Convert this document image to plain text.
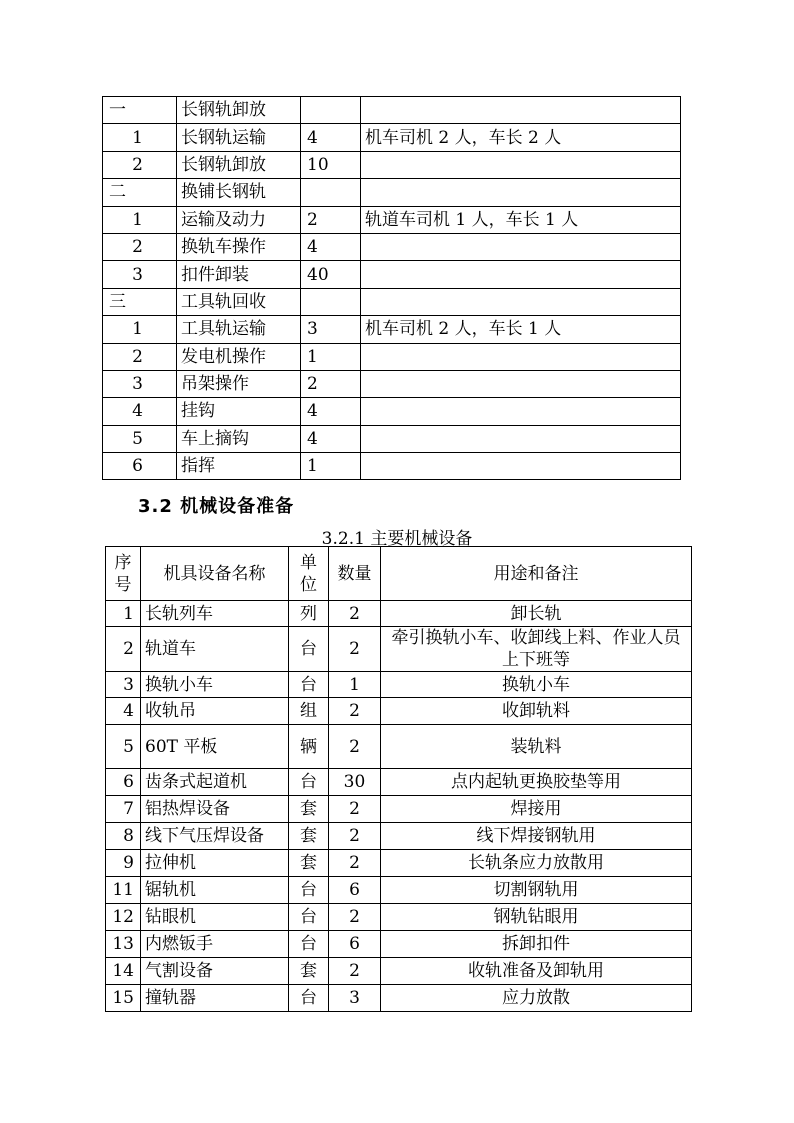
一	长钢轨卸放		
1	长钢轨运输	4	机车司机 2 人，车长 2 人
2	长钢轨卸放	10	
二	换铺长钢轨		
1	运输及动力	2	轨道车司机 1 人，车长 1 人
2	换轨车操作	4	
3	扣件卸装	40	
三	工具轨回收		
1	工具轨运输	3	机车司机 2 人，车长 1 人
2	发电机操作	1	
3	吊架操作	2	
4	挂钩	4	
5	车上摘钩	4	
6	指挥	1	
3.2 机械设备准备
3.2.1 主要机械设备
序号	机具设备名称	单位	数量	用途和备注
1	长轨列车	列	2	卸长轨
2	轨道车	台	2	牵引换轨小车、收卸线上料、作业人员上下班等
3	换轨小车	台	1	换轨小车
4	收轨吊	组	2	收卸轨料
5	60T 平板	辆	2	装轨料
6	齿条式起道机	台	30	点内起轨更换胶垫等用
7	铝热焊设备	套	2	焊接用
8	线下气压焊设备	套	2	线下焊接钢轨用
9	拉伸机	套	2	长轨条应力放散用
11	锯轨机	台	6	切割钢轨用
12	钻眼机	台	2	钢轨钻眼用
13	内燃钣手	台	6	拆卸扣件
14	气割设备	套	2	收轨准备及卸轨用
15	撞轨器	台	3	应力放散
